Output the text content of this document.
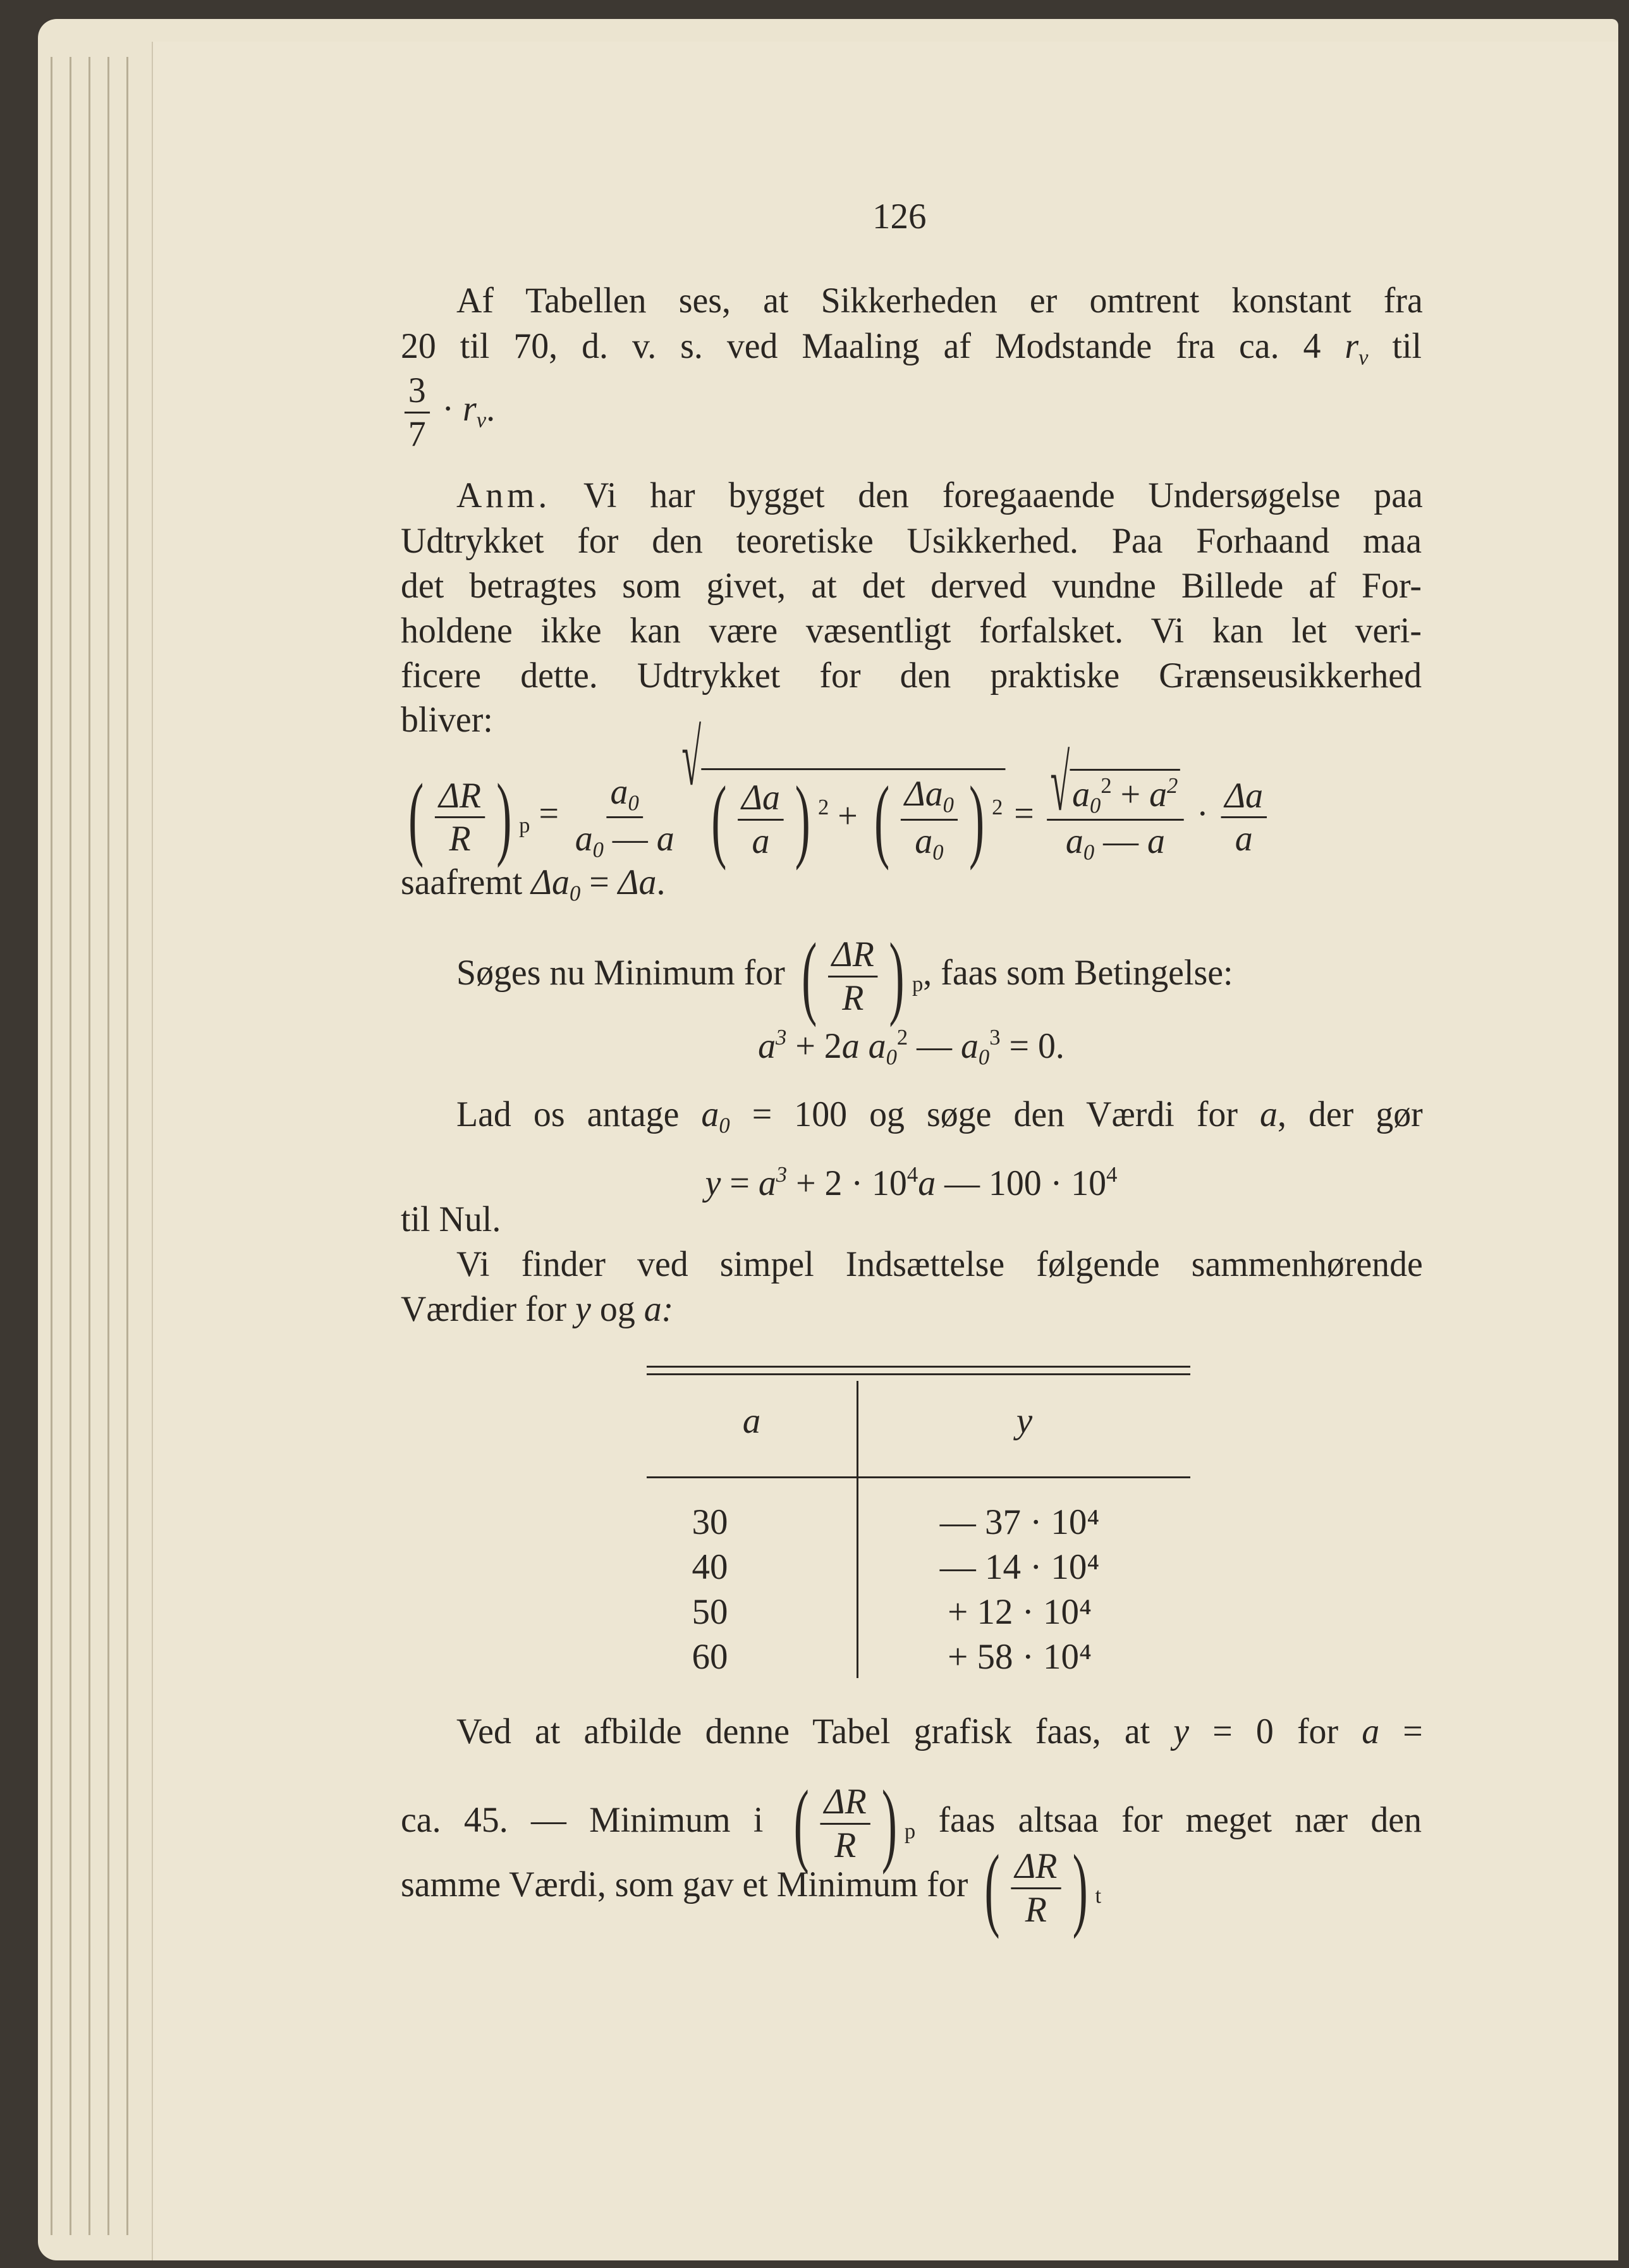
126
Af Tabellen ses, at Sikkerheden er omtrent konstant fra
20 til 70, d. v. s. ved Maaling af Modstande fra ca. 4 $r_v$ til
$\frac{3}{7} \cdot r_v$.
Anm. Vi har bygget den foregaaende Undersøgelse paa
Udtrykket for den teoretiske Usikkerhed. Paa Forhaand maa
det betragtes som givet, at det derved vundne Billede af For-
holdene ikke kan være væsentligt forfalsket. Vi kan let veri-
ficere dette. Udtrykket for den praktiske Grænseusikkerhed
bliver:
( $\frac{\Delta R}{R}$ ) $_p = \frac{a_0}{a_0 — a}$
√
( $\frac{\Delta a}{a}$ ) $^2$ + ( $\frac{\Delta a_0}{a_0}$ ) $^2 = \frac{√ a_0^2 + a^2}{a_0 — a} \cdot \frac{\Delta a}{a}$
saafremt $\Delta a_0 = \Delta a$.
Søges nu Minimum for ( $\frac{\Delta R}{R}$ ) $_p$, faas som Betingelse:
$a^3 + 2a$ $a_0^2$ — $a_0^3 = 0$.
Lad os antage $a_0 = 100$ og søge den Værdi for a, der gør
$y = a^3 + 2 \cdot 10^4a$ — $100 \cdot 10^4$
til Nul.
Vi finder ved simpel Indsættelse følgende sammenhørende
Værdier for y og a:
Ved at afbilde denne Tabel grafisk faas, at y = 0 for a =
ca. 45. — Minimum i ( $\frac{\Delta R}{R}$ ) $_p$ faas altsaa for meget nær den
samme Værdi, som gav et Minimum for ( $\frac{\Delta R}{R}$ ) $_t$
a	y
30	— 37 · 10⁴
40	— 14 · 10⁴
50	+ 12 · 10⁴
60	+ 58 · 10⁴
